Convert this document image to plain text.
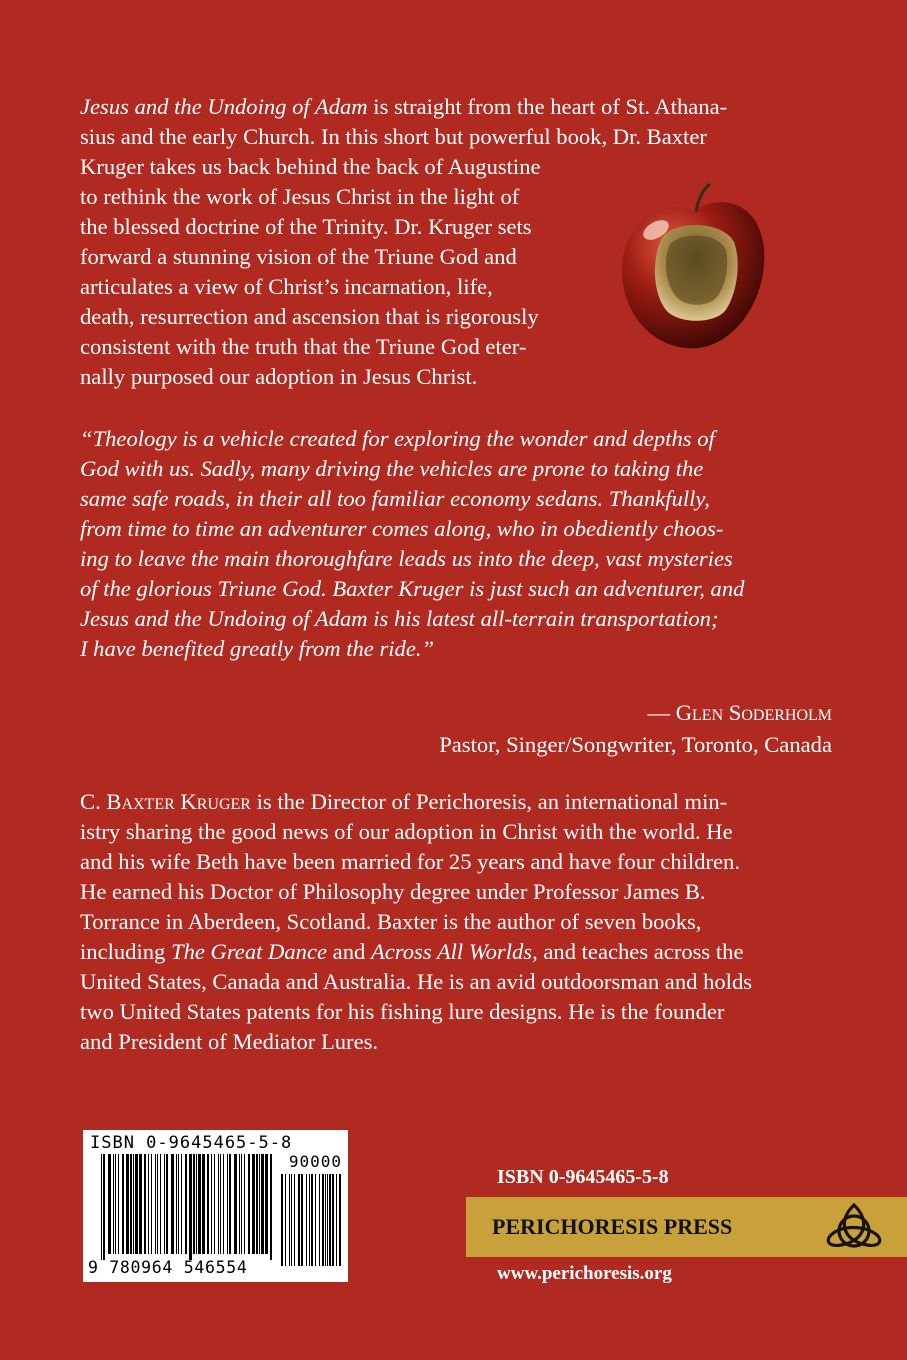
Jesus and the Undoing of Adam is straight from the heart of St. Athana-
sius and the early Church. In this short but powerful book, Dr. Baxter
Kruger takes us back behind the back of Augustine
to rethink the work of Jesus Christ in the light of
the blessed doctrine of the Trinity. Dr. Kruger sets
forward a stunning vision of the Triune God and
articulates a view of Christ’s incarnation, life,
death, resurrection and ascension that is rigorously
consistent with the truth that the Triune God eter-
nally purposed our adoption in Jesus Christ.
“Theology is a vehicle created for exploring the wonder and depths of
God with us. Sadly, many driving the vehicles are prone to taking the
same safe roads, in their all too familiar economy sedans. Thankfully,
from time to time an adventurer comes along, who in obediently choos-
ing to leave the main thoroughfare leads us into the deep, vast mysteries
of the glorious Triune God. Baxter Kruger is just such an adventurer, and
Jesus and the Undoing of Adam is his latest all-terrain transportation;
I have benefited greatly from the ride.”
— Glen Soderholm
Pastor, Singer/Songwriter, Toronto, Canada
C. Baxter Kruger is the Director of Perichoresis, an international min-
istry sharing the good news of our adoption in Christ with the world. He
and his wife Beth have been married for 25 years and have four children.
He earned his Doctor of Philosophy degree under Professor James B.
Torrance in Aberdeen, Scotland. Baxter is the author of seven books,
including The Great Dance and Across All Worlds, and teaches across the
United States, Canada and Australia. He is an avid outdoorsman and holds
two United States patents for his fishing lure designs. He is the founder
and President of Mediator Lures.
ISBN 0-9645465-5-8
90000
9 780964 546554
ISBN 0-9645465-5-8
PERICHORESIS PRESS
www.perichoresis.org
